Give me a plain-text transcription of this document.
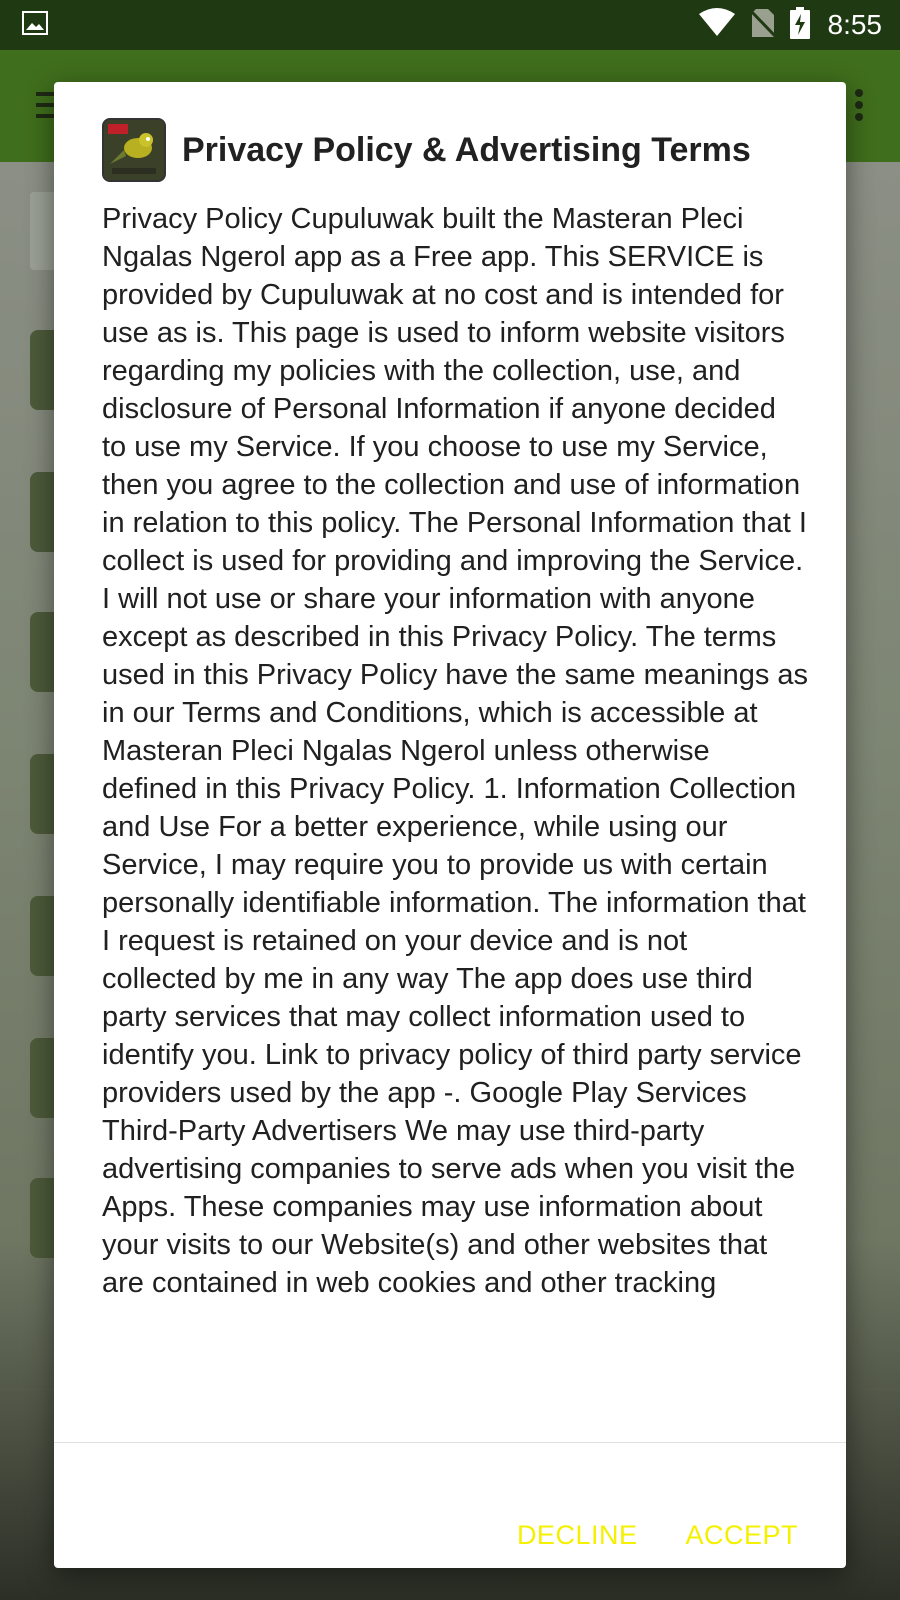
8:55
Privacy Policy & Advertising Terms

Privacy Policy Cupuluwak built the Masteran Pleci Ngalas Ngerol app as a Free app. This SERVICE is provided by Cupuluwak at no cost and is intended for use as is. This page is used to inform website visitors regarding my policies with the collection, use, and disclosure of Personal Information if anyone decided to use my Service. If you choose to use my Service, then you agree to the collection and use of information in relation to this policy. The Personal Information that I collect is used for providing and improving the Service. I will not use or share your information with anyone except as described in this Privacy Policy. The terms used in this Privacy Policy have the same meanings as in our Terms and Conditions, which is accessible at Masteran Pleci Ngalas Ngerol unless otherwise defined in this Privacy Policy. 1. Information Collection and Use For a better experience, while using our Service, I may require you to provide us with certain personally identifiable information. The information that I request is retained on your device and is not collected by me in any way The app does use third party services that may collect information used to identify you. Link to privacy policy of third party service providers used by the app -. Google Play Services Third-Party Advertisers We may use third-party advertising companies to serve ads when you visit the Apps. These companies may use information about your visits to our Website(s) and other websites that are contained in web cookies and other tracking

DECLINE ACCEPT
